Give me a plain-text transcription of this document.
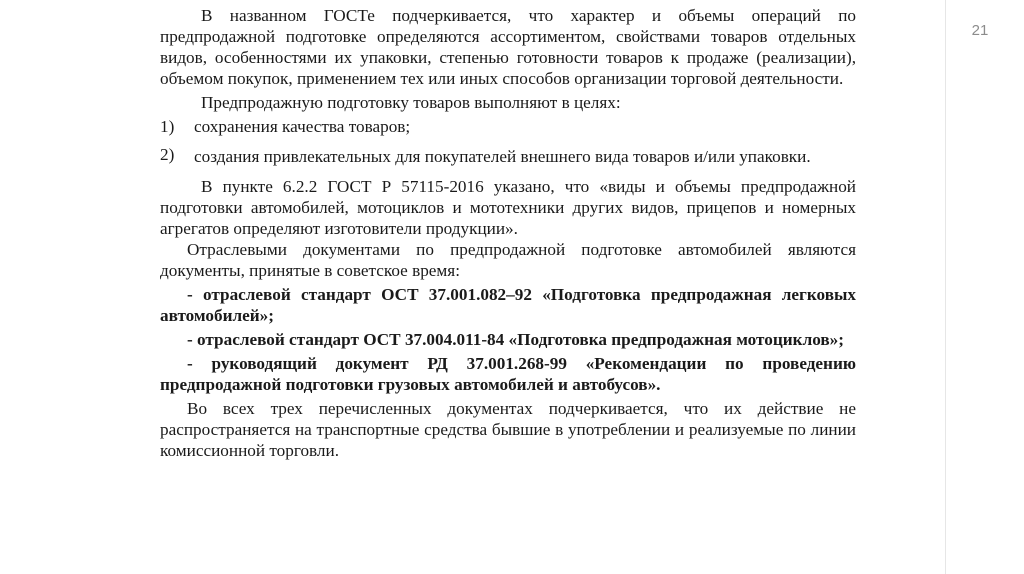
21

В названном ГОСТе подчеркивается, что характер и объемы операций по предпродажной подготовке определяются ассортиментом, свойствами товаров отдельных видов, особенностями их упаковки, степенью готовности товаров к продаже (реализации), объемом покупок, применением тех или иных способов организации торговой деятельности.

Предпродажную подготовку товаров выполняют в целях:

1)	сохранения качества товаров;
2)	создания привлекательных для покупателей внешнего вида товаров и/или упаковки.

В пункте 6.2.2 ГОСТ Р 57115-2016 указано, что «виды и объемы предпродажной подготовки автомобилей, мотоциклов и мототехники других видов, прицепов и номерных агрегатов определяют изготовители продукции».

Отраслевыми документами по предпродажной подготовке автомобилей являются документы, принятые в советское время:

- отраслевой стандарт ОСТ 37.001.082–92 «Подготовка предпродажная легковых автомобилей»;

- отраслевой стандарт ОСТ 37.004.011-84 «Подготовка предпродажная мотоциклов»;

- руководящий документ РД 37.001.268-99 «Рекомендации по проведению предпродажной подготовки грузовых автомобилей и автобусов».

Во всех трех перечисленных документах подчеркивается, что их действие не распространяется на транспортные средства бывшие в употреблении и реализуемые по линии комиссионной торговли.
